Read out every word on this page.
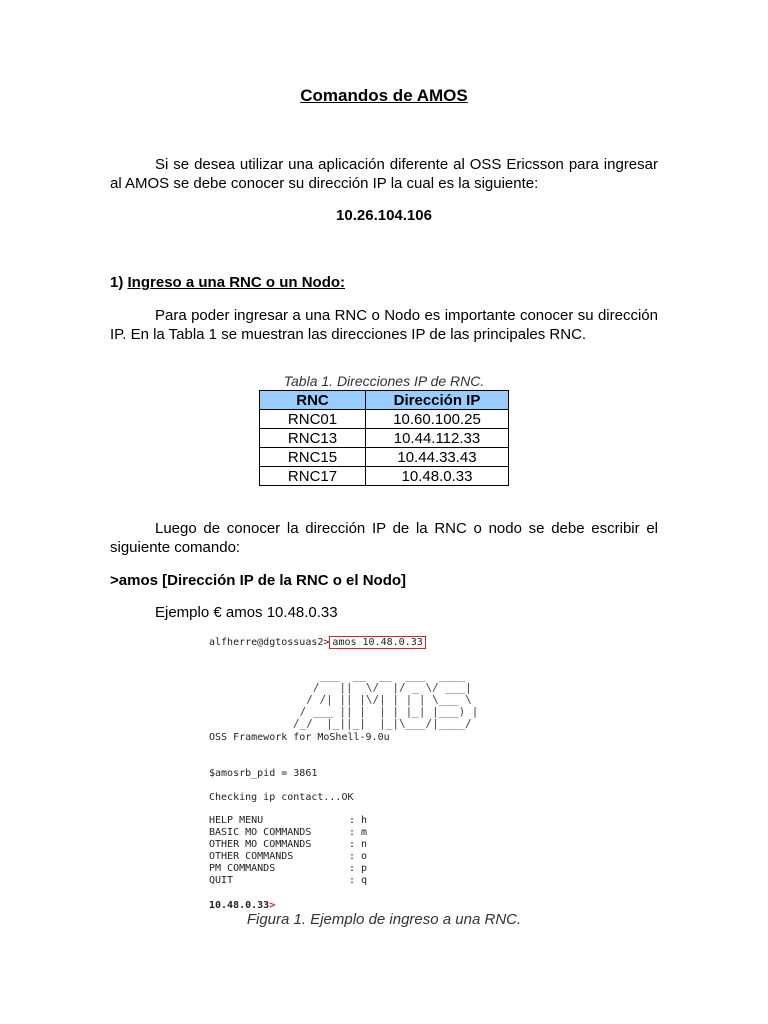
Comandos de AMOS
Si se desea utilizar una aplicación diferente al OSS Ericsson para ingresar al AMOS se debe conocer su dirección IP la cual es la siguiente:
10.26.104.106
1) Ingreso a una RNC o un Nodo:
Para poder ingresar a una RNC o Nodo es importante conocer su dirección IP. En la Tabla 1 se muestran las direcciones IP de las principales RNC.
Tabla 1. Direcciones IP de RNC.
RNC	Dirección IP
RNC01	10.60.100.25
RNC13	10.44.112.33
RNC15	10.44.33.43
RNC17	10.48.0.33
Luego de conocer la dirección IP de la RNC o nodo se debe escribir el siguiente comando:
>amos [Dirección IP de la RNC o el Nodo]
Ejemplo € amos 10.48.0.33
alfherre@dgtossuas2> amos 10.48.0.33
___  __  __  ___  ____
/   ||  \/  |/ _ \/ ___|
/ /| || |\/| | | | \___ \
/ ___ || |  | | |_| |___) |
/_/  |_||_|  |_|\___/|____/
OSS Framework for MoShell-9.0u
$amosrb_pid = 3861
Checking ip contact...OK
HELP MENU	: h
BASIC MO COMMANDS	: m
OTHER MO COMMANDS	: n
OTHER COMMANDS	: o
PM COMMANDS	: p
QUIT	: q
10.48.0.33>
Figura 1. Ejemplo de ingreso a una RNC.
